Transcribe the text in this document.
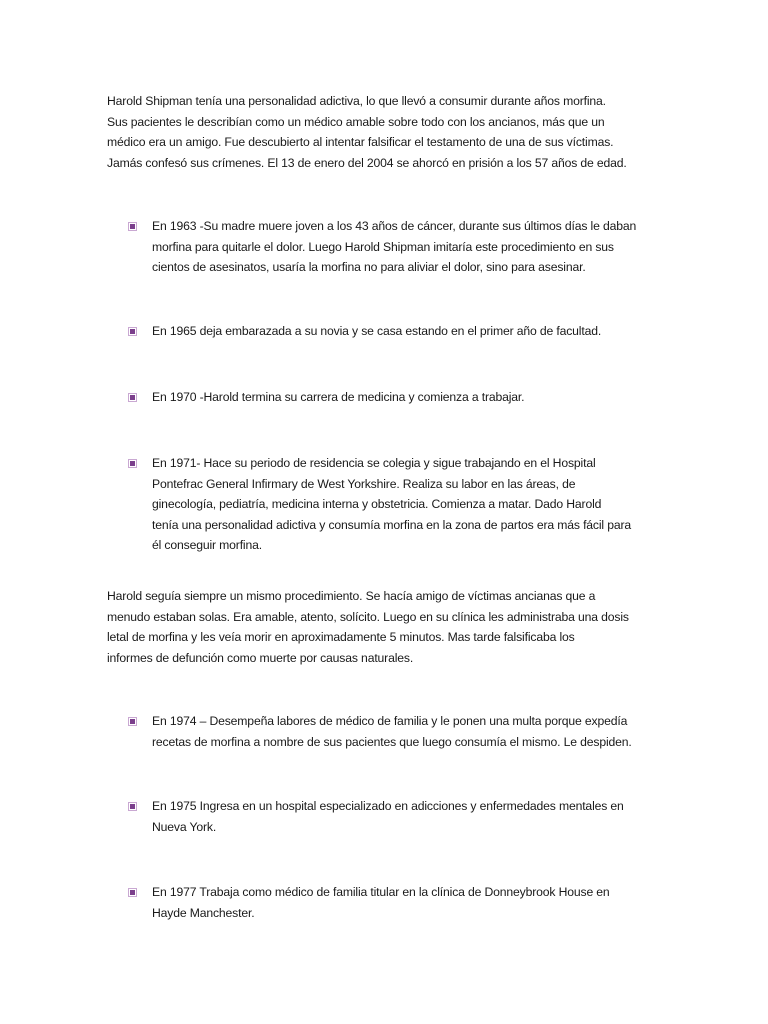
Harold Shipman tenía una personalidad adictiva, lo que llevó a consumir durante años morfina.
Sus pacientes le describían como un médico amable sobre todo con los ancianos, más que un
médico era un amigo. Fue descubierto al intentar falsificar el testamento de una de sus víctimas.
Jamás confesó sus crímenes. El 13 de enero del 2004 se ahorcó en prisión a los 57 años de edad.

En 1963 -Su madre muere joven a los 43 años de cáncer, durante sus últimos días le daban
morfina para quitarle el dolor. Luego Harold Shipman imitaría este procedimiento en sus
cientos de asesinatos, usaría la morfina no para aliviar el dolor, sino para asesinar.

En 1965 deja embarazada a su novia y se casa estando en el primer año de facultad.

En 1970 -Harold termina su carrera de medicina y comienza a trabajar.

En 1971- Hace su periodo de residencia se colegia y sigue trabajando en el Hospital
Pontefrac General Infirmary de West Yorkshire. Realiza su labor en las áreas, de
ginecología, pediatría, medicina interna y obstetricia. Comienza a matar. Dado Harold
tenía una personalidad adictiva y consumía morfina en la zona de partos era más fácil para
él conseguir morfina.

Harold seguía siempre un mismo procedimiento. Se hacía amigo de víctimas ancianas que a
menudo estaban solas. Era amable, atento, solícito. Luego en su clínica les administraba una dosis
letal de morfina y les veía morir en aproximadamente 5 minutos. Mas tarde falsificaba los
informes de defunción como muerte por causas naturales.

En 1974 – Desempeña labores de médico de familia y le ponen una multa porque expedía
recetas de morfina a nombre de sus pacientes que luego consumía el mismo. Le despiden.

En 1975 Ingresa en un hospital especializado en adicciones y enfermedades mentales en
Nueva York.

En 1977 Trabaja como médico de familia titular en la clínica de Donneybrook House en
Hayde Manchester.
